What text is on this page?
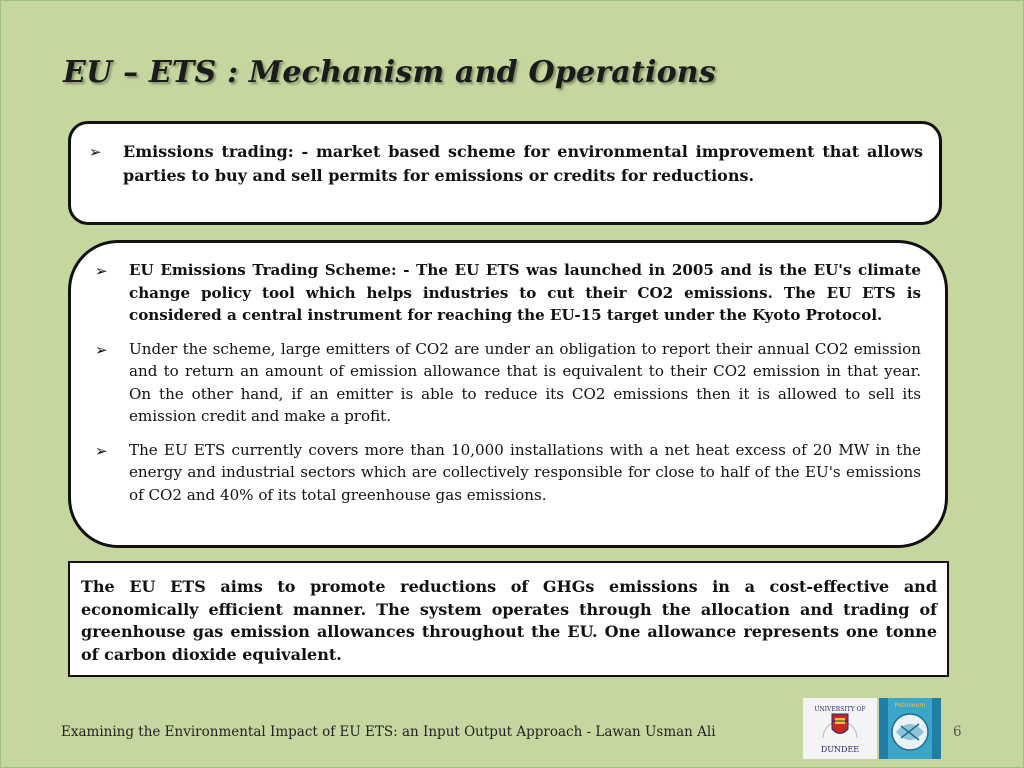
EU – ETS : Mechanism and Operations
➢	Emissions trading: - market based scheme for environmental improvement that allows parties to buy and sell permits for emissions or credits for reductions.
➢	EU Emissions Trading Scheme: - The EU ETS was launched in 2005 and is the EU's climate change policy tool which helps industries to cut their CO2 emissions. The EU ETS is considered a central instrument for reaching the EU-15 target under the Kyoto Protocol.
➢	Under the scheme, large emitters of CO2 are under an obligation to report their annual CO2 emission and to return an amount of emission allowance that is equivalent to their CO2 emission in that year. On the other hand, if an emitter is able to reduce its CO2 emissions then it is allowed to sell its emission credit and make a profit.
➢	The EU ETS currently covers more than 10,000 installations with a net heat excess of 20 MW in the energy and industrial sectors which are collectively responsible for close to half of the EU's emissions of CO2 and 40% of its total greenhouse gas emissions.
The EU ETS aims to promote reductions of GHGs emissions in a cost-effective and economically efficient manner. The system operates through the allocation and trading of greenhouse gas emission allowances throughout the EU. One allowance represents one tonne of carbon dioxide equivalent.
Examining the Environmental Impact of EU ETS: an Input Output Approach - Lawan Usman Ali
UNIVERSITY OF
DUNDEE
Petroleum
6
